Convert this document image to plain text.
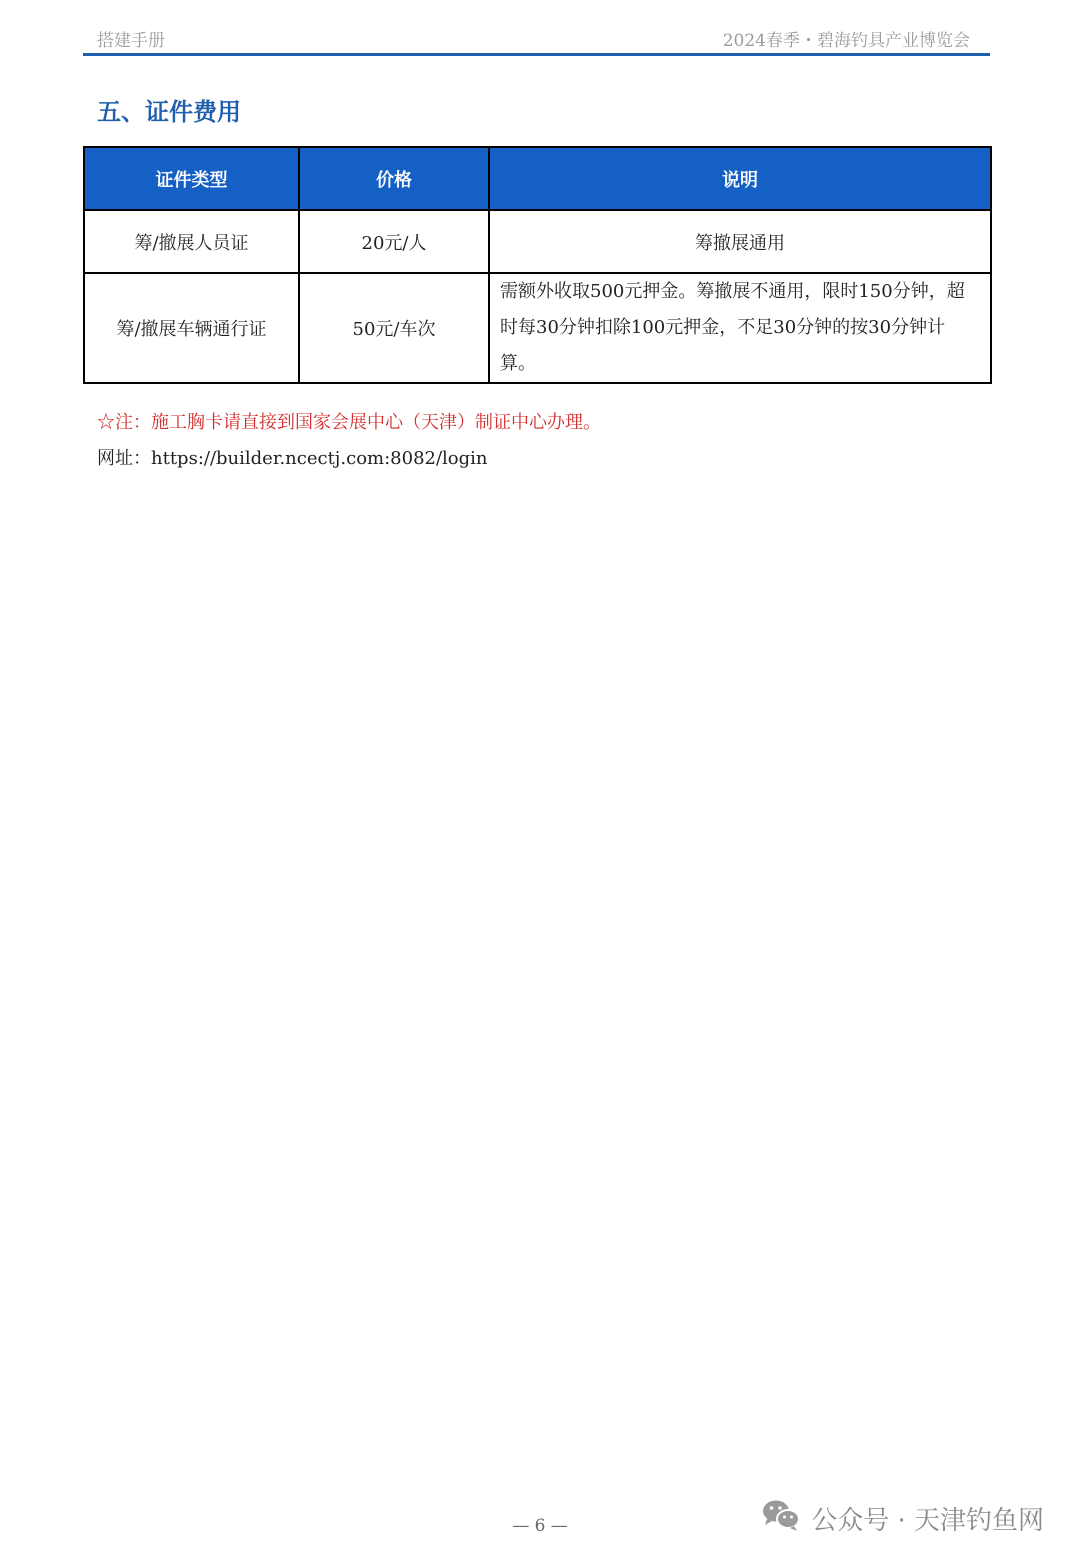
搭建手册	2024春季・碧海钓具产业博览会
五、证件费用
证件类型	价格	说明
筹/撤展人员证	20元/人	筹撤展通用
筹/撤展车辆通行证	50元/车次	需额外收取500元押金。筹撤展不通用，限时150分钟，超时每30分钟扣除100元押金，不足30分钟的按30分钟计算。
☆注：施工胸卡请直接到国家会展中心（天津）制证中心办理。
网址：https://builder.ncectj.com:8082/login
— 6 —	公众号 · 天津钓鱼网
